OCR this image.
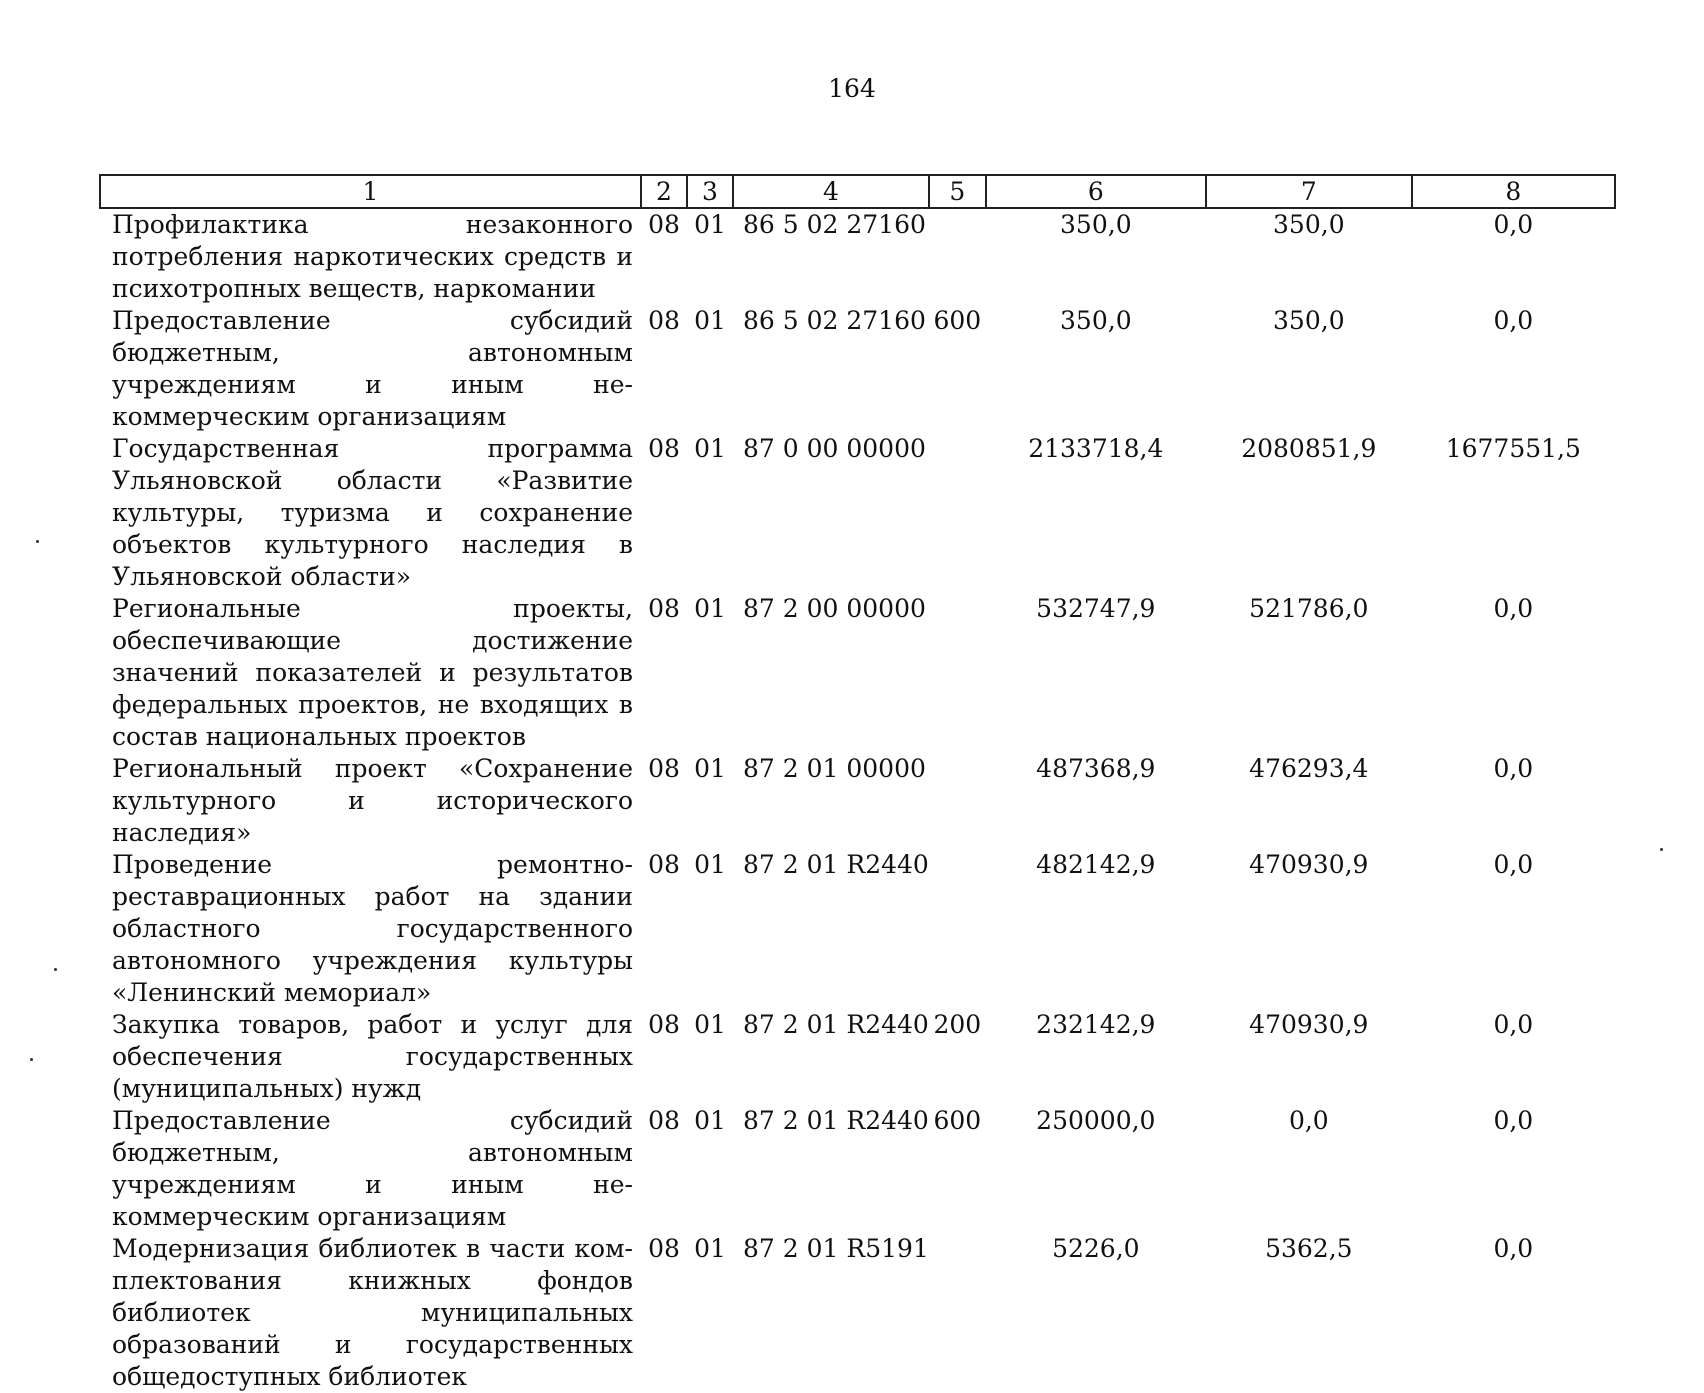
164
1	2	3	4	5	6	7	8
Профилактика незаконного потребления наркотических средств и психотропных веществ, наркомании	08	01	86 5 02 27160		350,0	350,0	0,0
Предоставление субсидий бюджетным, автономным учреждениям и иным некоммерческим организациям	08	01	86 5 02 27160	600	350,0	350,0	0,0
Государственная программа Ульяновской области «Развитие культуры, туризма и сохранение объектов культурного наследия в Ульяновской области»	08	01	87 0 00 00000		2133718,4	2080851,9	1677551,5
Региональные проекты, обеспечивающие достижение значений показателей и результатов федеральных проектов, не входящих в состав национальных проектов	08	01	87 2 00 00000		532747,9	521786,0	0,0
Региональный проект «Сохранение культурного и исторического наследия»	08	01	87 2 01 00000		487368,9	476293,4	0,0
Проведение ремонтно-реставрационных работ на здании областного государственного автономного учреждения культуры «Ленинский мемориал»	08	01	87 2 01 R2440		482142,9	470930,9	0,0
Закупка товаров, работ и услуг для обеспечения государственных (муниципальных) нужд	08	01	87 2 01 R2440	200	232142,9	470930,9	0,0
Предоставление субсидий бюджетным, автономным учреждениям и иным некоммерческим организациям	08	01	87 2 01 R2440	600	250000,0	0,0	0,0
Модернизация библиотек в части комплектования книжных фондов библиотек муниципальных образований и государственных общедоступных библиотек	08	01	87 2 01 R5191		5226,0	5362,5	0,0
